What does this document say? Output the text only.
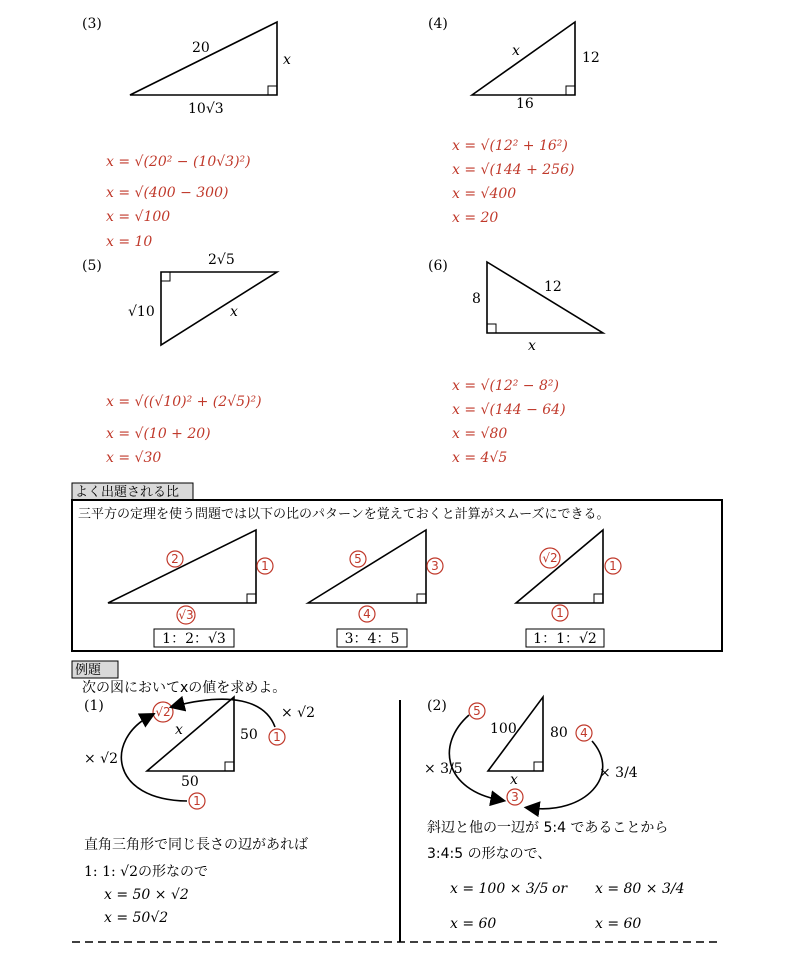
(3)
20
10√3
x
x = √(20² − (10√3)²)
x = √(400 − 300)
x = √100
x = 10
(4)
x
16
12
x = √(12² + 16²)
x = √(144 + 256)
x = √400
x = 20
(5)	2√5
√10	x
x = √((√10)² + (2√5)²)
x = √(10 + 20)
x = √30
(6)
8
12
x
x = √(12² − 8²)
x = √(144 − 64)
x = √80
x = 4√5
よく出題される比
三平方の定理を使う問題では以下の比のパターンを覚えておくと計算がスムーズにできる。
2	1
√3
1：2：√3
5	3
4
3：4：5
√2
1
1
1：1：√2
例題
次の図においてxの値を求めよ。
(1)
x	50
50
√2
1
1
× √2
× √2
直角三角形で同じ長さの辺があれば
1: 1: √2の形なので
x = 50 × √2
x = 50√2
(2)
100 80
x
5
4
3
× 3/5	× 3/4
斜辺と他の一辺が 5:4 であることから
3:4:5 の形なので、
x = 100 × 3/5 or x = 80 × 3/4
x = 60	x = 60
